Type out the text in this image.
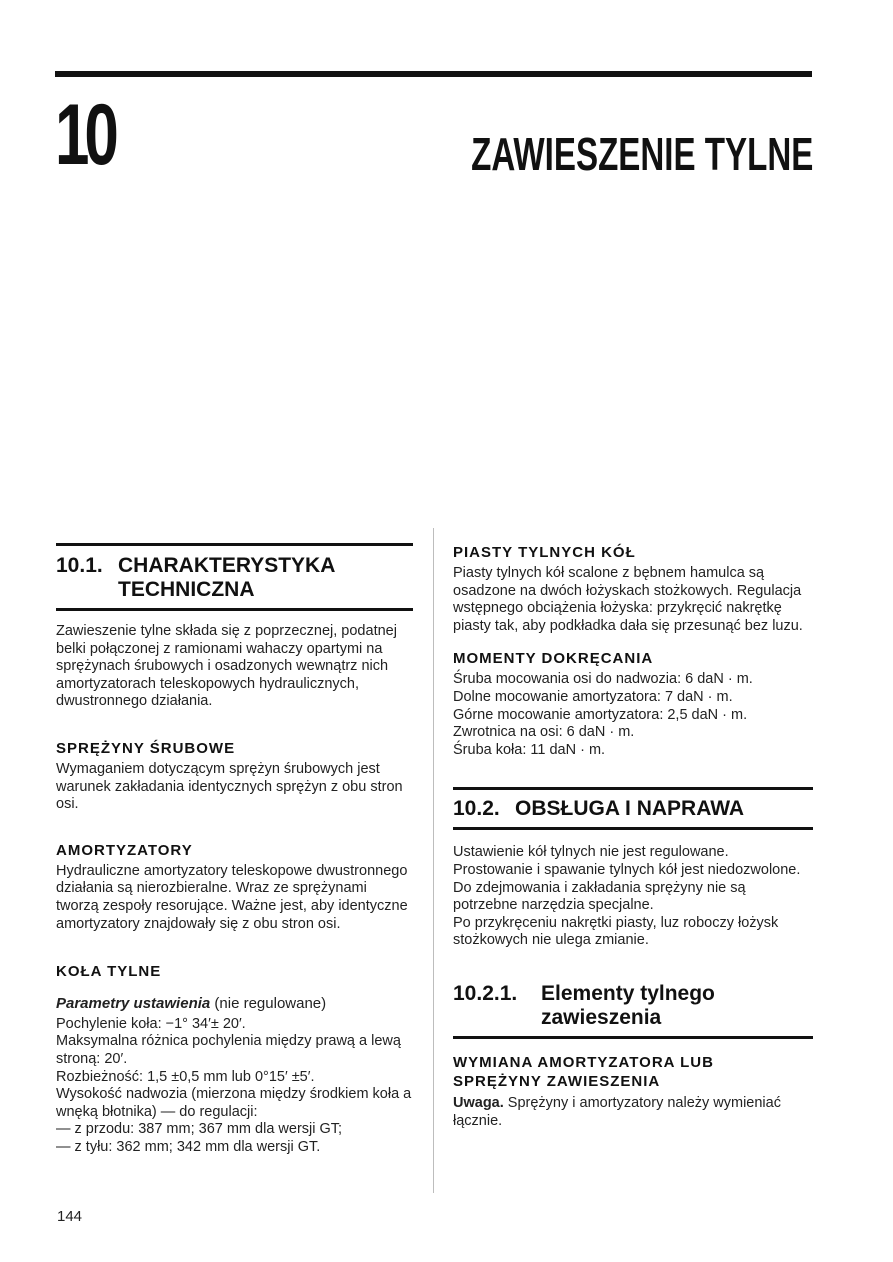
10	ZAWIESZENIE TYLNE
10.1. CHARAKTERYSTYKA
TECHNICZNA

Zawieszenie tylne składa się z poprzecznej, podatnej belki połączonej z ramionami wahaczy opartymi na sprężynach śrubowych i osadzonych wewnątrz nich amortyzatorach teleskopowych hydraulicznych, dwustronnego działania.

SPRĘŻYNY ŚRUBOWE

Wymaganiem dotyczącym sprężyn śrubowych jest warunek zakładania identycznych sprężyn z obu stron osi.

AMORTYZATORY

Hydrauliczne amortyzatory teleskopowe dwustronnego działania są nierozbieralne. Wraz ze sprężynami tworzą zespoły resorujące. Ważne jest, aby identyczne amortyzatory znajdowały się z obu stron osi.

KOŁA TYLNE

Parametry ustawienia (nie regulowane)

Pochylenie koła: −1° 34′± 20′.

Maksymalna różnica pochylenia między prawą a lewą stroną: 20′.

Rozbieżność: 1,5 ±0,5 mm lub 0°15′ ±5′.

Wysokość nadwozia (mierzona między środkiem koła a wnęką błotnika) — do regulacji:

— z przodu: 387 mm; 367 mm dla wersji GT;

— z tyłu: 362 mm; 342 mm dla wersji GT.

PIASTY TYLNYCH KÓŁ

Piasty tylnych kół scalone z bębnem hamulca są osadzone na dwóch łożyskach stożkowych. Regulacja wstępnego obciążenia łożyska: przykręcić nakrętkę piasty tak, aby podkładka dała się przesunąć bez luzu.

MOMENTY DOKRĘCANIA

Śruba mocowania osi do nadwozia: 6 daN · m.

Dolne mocowanie amortyzatora: 7 daN · m.

Górne mocowanie amortyzatora: 2,5 daN · m.

Zwrotnica na osi: 6 daN · m.

Śruba koła: 11 daN · m.

10.2. OBSŁUGA I NAPRAWA

Ustawienie kół tylnych nie jest regulowane.

Prostowanie i spawanie tylnych kół jest niedozwolone.

Do zdejmowania i zakładania sprężyny nie są potrzebne narzędzia specjalne.

Po przykręceniu nakrętki piasty, luz roboczy łożysk stożkowych nie ulega zmianie.

10.2.1. Elementy tylnego
zawieszenia
WYMIANA AMORTYZATORA LUB
SPRĘŻYNY ZAWIESZENIA

Uwaga. Sprężyny i amortyzatory należy wymieniać łącznie.

144
